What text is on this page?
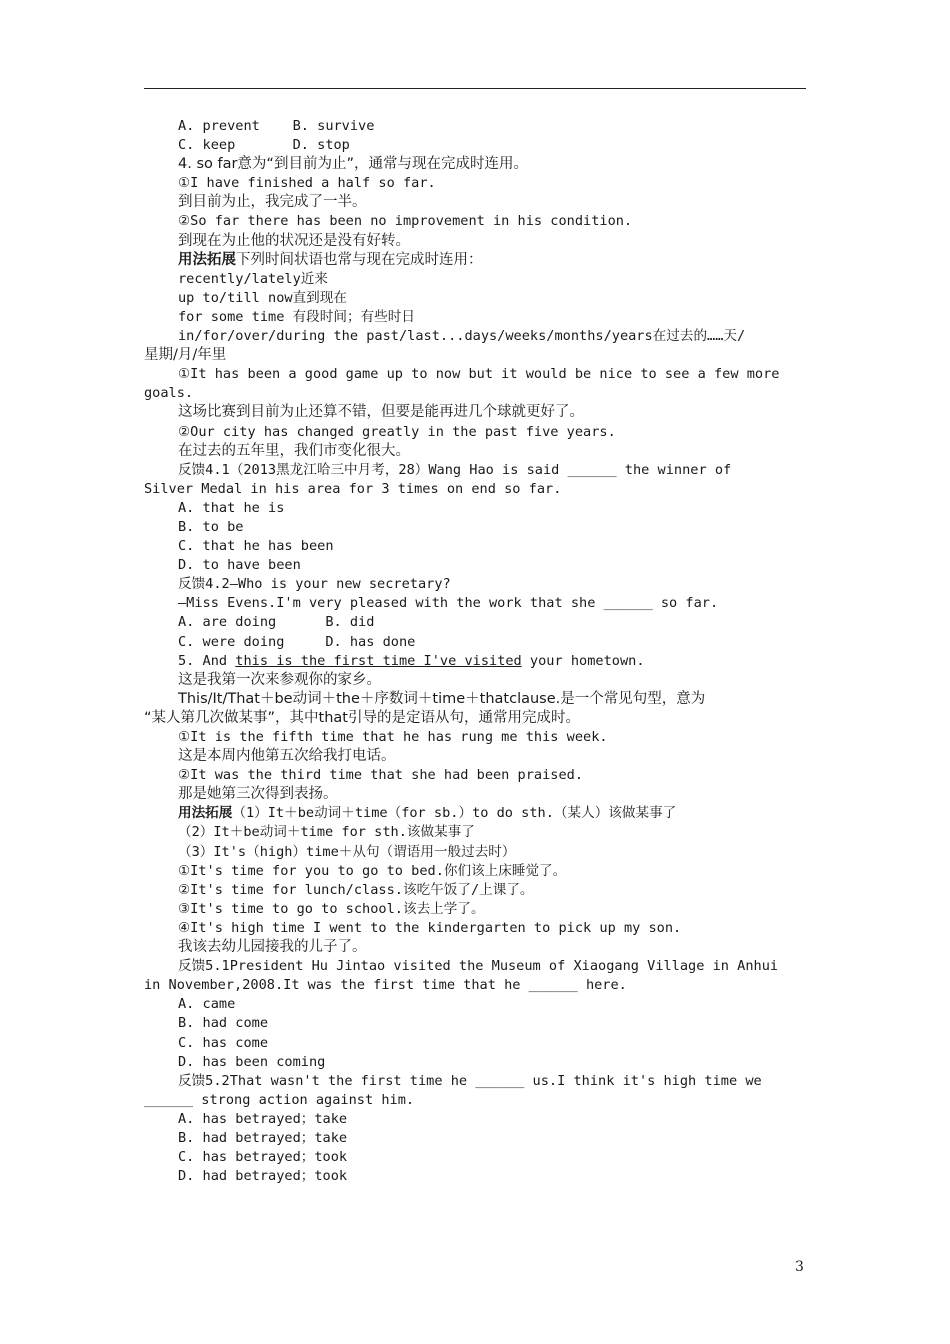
A. prevent    B. survive
C. keep       D. stop
4. so far意为“到目前为止”，通常与现在完成时连用。
①I have finished a half so far.
到目前为止，我完成了一半。
②So far there has been no improvement in his condition.
到现在为止他的状况还是没有好转。
用法拓展下列时间状语也常与现在完成时连用：
recently/lately近来
up to/till now直到现在
for some time 有段时间；有些时日
in/for/over/during the past/last...days/weeks/months/years在过去的……天/
星期/月/年里
①It has been a good game up to now but it would be nice to see a few more
goals.
这场比赛到目前为止还算不错，但要是能再进几个球就更好了。
②Our city has changed greatly in the past five years.
在过去的五年里，我们市变化很大。
反馈4.1（2013黑龙江哈三中月考，28）Wang Hao is said ______ the winner of
Silver Medal in his area for 3 times on end so far.
A. that he is
B. to be
C. that he has been
D. to have been
反馈4.2—Who is your new secretary?
—Miss Evens.I'm very pleased with the work that she ______ so far.
A. are doing      B. did
C. were doing     D. has done
5. And this is the first time I've visited your hometown.
这是我第一次来参观你的家乡。
This/It/That＋be动词＋the＋序数词＋time＋thatclause.是一个常见句型，意为
“某人第几次做某事”，其中that引导的是定语从句，通常用完成时。
①It is the fifth time that he has rung me this week.
这是本周内他第五次给我打电话。
②It was the third time that she had been praised.
那是她第三次得到表扬。
用法拓展（1）It＋be动词＋time（for sb.）to do sth.（某人）该做某事了
（2）It＋be动词＋time for sth.该做某事了
（3）It's（high）time＋从句（谓语用一般过去时）
①It's time for you to go to bed.你们该上床睡觉了。
②It's time for lunch/class.该吃午饭了/上课了。
③It's time to go to school.该去上学了。
④It's high time I went to the kindergarten to pick up my son.
我该去幼儿园接我的儿子了。
反馈5.1President Hu Jintao visited the Museum of Xiaogang Village in Anhui
in November,2008.It was the first time that he ______ here.
A. came
B. had come
C. has come
D. has been coming
反馈5.2That wasn't the first time he ______ us.I think it's high time we
______ strong action against him.
A. has betrayed；take
B. had betrayed；take
C. has betrayed；took
D. had betrayed；took
3
